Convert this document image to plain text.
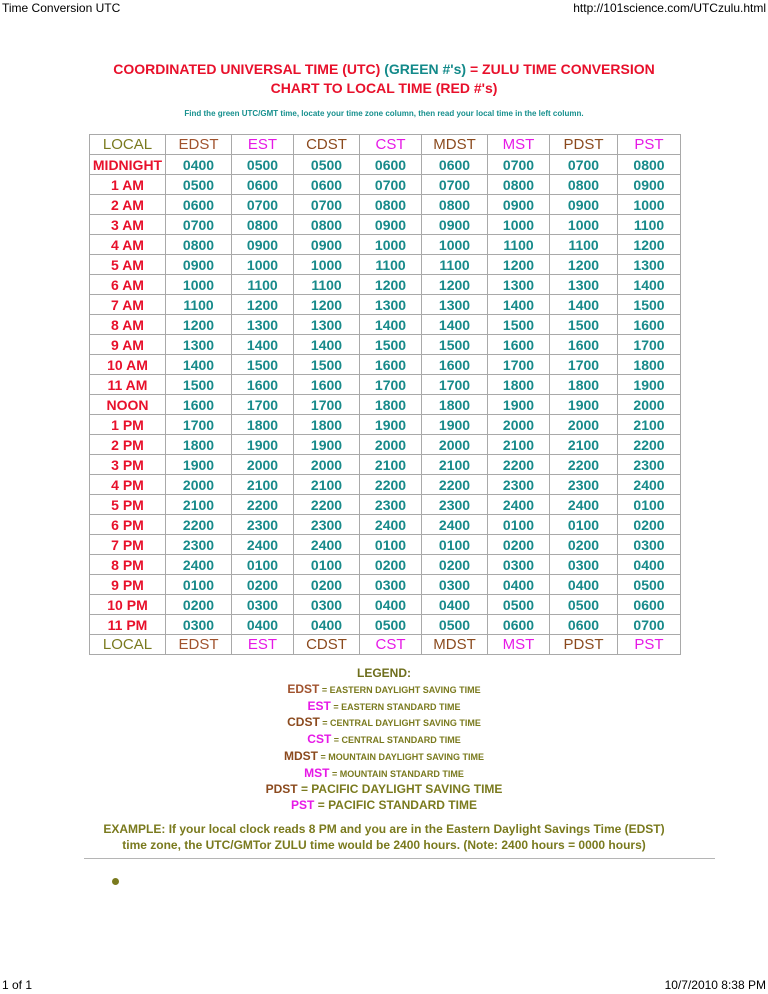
Time Conversion UTC	http://101science.com/UTCzulu.html
COORDINATED UNIVERSAL TIME (UTC) (GREEN #'s) = ZULU TIME CONVERSION
CHART TO LOCAL TIME (RED #'s)
Find the green UTC/GMT time, locate your time zone column, then read your local time in the left column.
LOCAL	EDST	EST	CDST	CST	MDST	MST	PDST	PST
MIDNIGHT	0400	0500	0500	0600	0600	0700	0700	0800
1 AM	0500	0600	0600	0700	0700	0800	0800	0900
2 AM	0600	0700	0700	0800	0800	0900	0900	1000
3 AM	0700	0800	0800	0900	0900	1000	1000	1100
4 AM	0800	0900	0900	1000	1000	1100	1100	1200
5 AM	0900	1000	1000	1100	1100	1200	1200	1300
6 AM	1000	1100	1100	1200	1200	1300	1300	1400
7 AM	1100	1200	1200	1300	1300	1400	1400	1500
8 AM	1200	1300	1300	1400	1400	1500	1500	1600
9 AM	1300	1400	1400	1500	1500	1600	1600	1700
10 AM	1400	1500	1500	1600	1600	1700	1700	1800
11 AM	1500	1600	1600	1700	1700	1800	1800	1900
NOON	1600	1700	1700	1800	1800	1900	1900	2000
1 PM	1700	1800	1800	1900	1900	2000	2000	2100
2 PM	1800	1900	1900	2000	2000	2100	2100	2200
3 PM	1900	2000	2000	2100	2100	2200	2200	2300
4 PM	2000	2100	2100	2200	2200	2300	2300	2400
5 PM	2100	2200	2200	2300	2300	2400	2400	0100
6 PM	2200	2300	2300	2400	2400	0100	0100	0200
7 PM	2300	2400	2400	0100	0100	0200	0200	0300
8 PM	2400	0100	0100	0200	0200	0300	0300	0400
9 PM	0100	0200	0200	0300	0300	0400	0400	0500
10 PM	0200	0300	0300	0400	0400	0500	0500	0600
11 PM	0300	0400	0400	0500	0500	0600	0600	0700
LOCAL	EDST	EST	CDST	CST	MDST	MST	PDST	PST
LEGEND:
EDST = EASTERN DAYLIGHT SAVING TIME
EST = EASTERN STANDARD TIME
CDST = CENTRAL DAYLIGHT SAVING TIME
CST = CENTRAL STANDARD TIME
MDST = MOUNTAIN DAYLIGHT SAVING TIME
MST = MOUNTAIN STANDARD TIME
PDST = PACIFIC DAYLIGHT SAVING TIME
PST = PACIFIC STANDARD TIME
EXAMPLE: If your local clock reads 8 PM and you are in the Eastern Daylight Savings Time (EDST)
time zone, the UTC/GMTor ZULU time would be 2400 hours. (Note: 2400 hours = 0000 hours)
1 of 1	10/7/2010 8:38 PM
